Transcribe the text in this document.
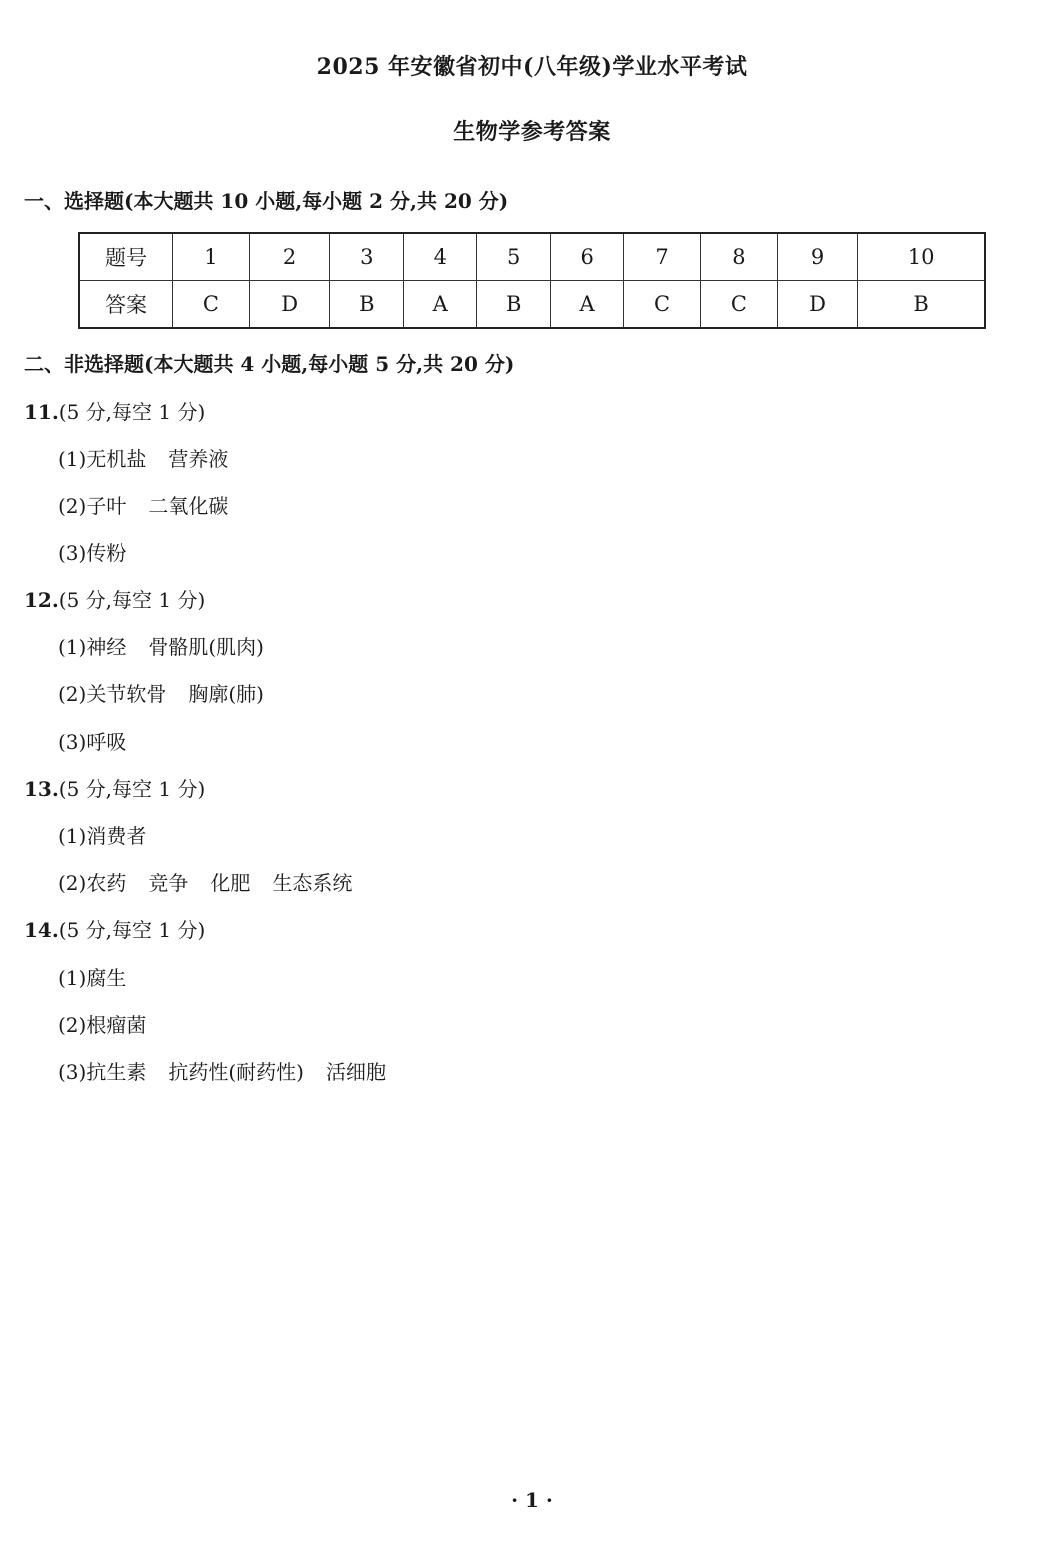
2025 年安徽省初中(八年级)学业水平考试
生物学参考答案
一、选择题(本大题共 10 小题,每小题 2 分,共 20 分)
题号	1	2	3	4	5	6	7	8	9	10
答案	C	D	B	A	B	A	C	C	D	B
二、非选择题(本大题共 4 小题,每小题 5 分,共 20 分)
11.(5 分,每空 1 分)
(1)无机盐 营养液
(2)子叶 二氧化碳
(3)传粉
12.(5 分,每空 1 分)
(1)神经 骨骼肌(肌肉)
(2)关节软骨 胸廓(肺)
(3)呼吸
13.(5 分,每空 1 分)
(1)消费者
(2)农药 竞争 化肥 生态系统
14.(5 分,每空 1 分)
(1)腐生
(2)根瘤菌
(3)抗生素 抗药性(耐药性) 活细胞
· 1 ·
